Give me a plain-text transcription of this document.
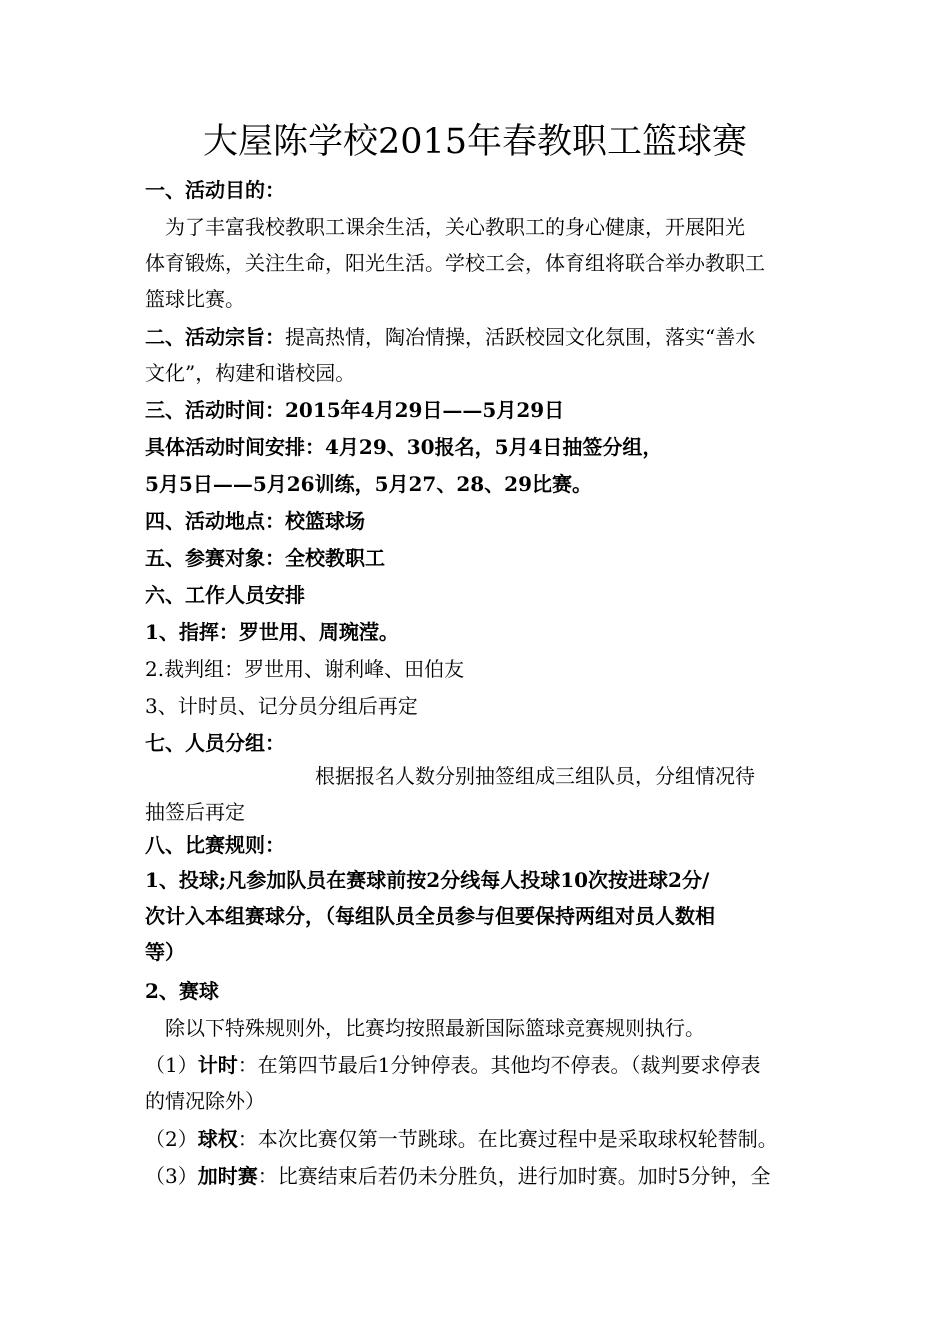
大屋陈学校2015年春教职工篮球赛
一、活动目的：
为了丰富我校教职工课余生活，关心教职工的身心健康，开展阳光
体育锻炼，关注生命，阳光生活。学校工会，体育组将联合举办教职工
篮球比赛。
二、活动宗旨：提高热情，陶冶情操，活跃校园文化氛围，落实“善水
文化”，构建和谐校园。
三、活动时间：2015年4月29日——5月29日
具体活动时间安排：4月29、30报名，5月4日抽签分组，
5月5日——5月26训练，5月27、28、29比赛。
四、活动地点：校篮球场
五、参赛对象：全校教职工
六、工作人员安排
1、指挥：罗世用、周琬滢。
2.裁判组：罗世用、谢利峰、田伯友
3、计时员、记分员分组后再定
七、人员分组：
根据报名人数分别抽签组成三组队员，分组情况待
抽签后再定
八、比赛规则：
1、投球;凡参加队员在赛球前按2分线每人投球10次按进球2分/
次计入本组赛球分，（每组队员全员参与但要保持两组对员人数相
等）
2、赛球
除以下特殊规则外，比赛均按照最新国际篮球竞赛规则执行。
（1）计时：在第四节最后1分钟停表。其他均不停表。（裁判要求停表
的情况除外）
（2）球权：本次比赛仅第一节跳球。在比赛过程中是采取球权轮替制。
（3）加时赛：比赛结束后若仍未分胜负，进行加时赛。加时5分钟，全
